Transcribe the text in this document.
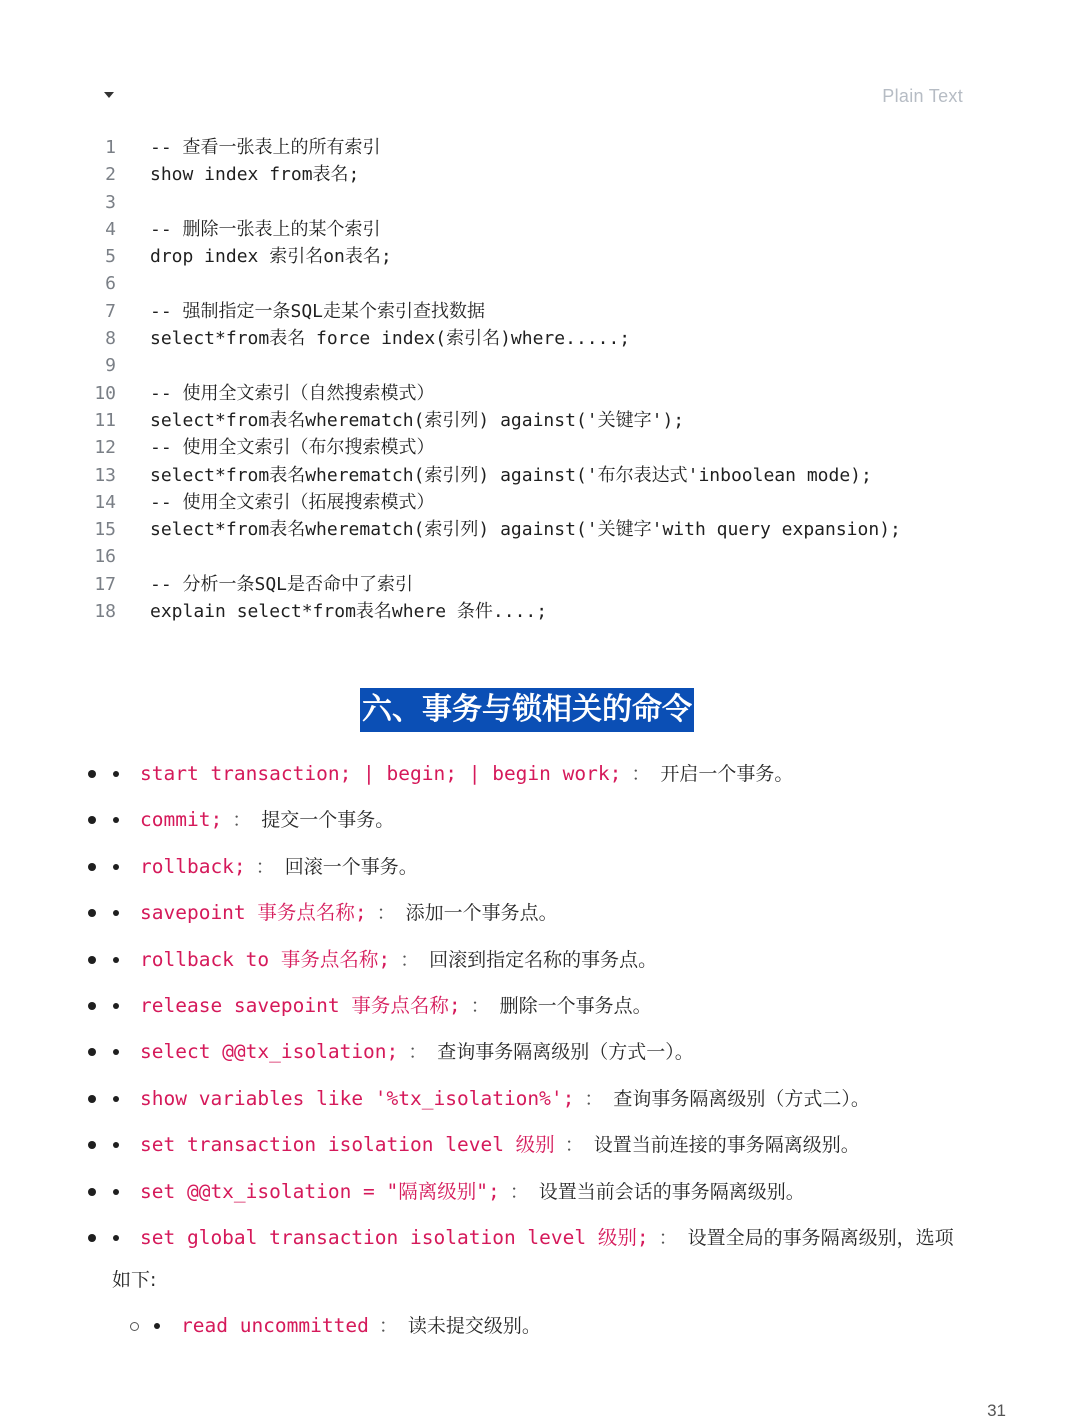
Plain Text
1 -- 查看一张表上的所有索引
2 show index from表名;
3
4 -- 删除一张表上的某个索引
5 drop index 索引名on表名;
6
7 -- 强制指定一条SQL走某个索引查找数据
8 select*from表名 force index(索引名)where.....;
9
10 -- 使用全文索引（自然搜索模式）
11 select*from表名wherematch(索引列) against('关键字');
12 -- 使用全文索引（布尔搜索模式）
13 select*from表名wherematch(索引列) against('布尔表达式'inboolean mode);
14 -- 使用全文索引（拓展搜索模式）
15 select*from表名wherematch(索引列) against('关键字'with query expansion);
16
17 -- 分析一条SQL是否命中了索引
18 explain select*from表名where 条件....;
六、事务与锁相关的命令
start transaction; | begin; | begin work; ： 开启一个事务。
commit; ： 提交一个事务。
rollback; ： 回滚一个事务。
savepoint 事务点名称; ： 添加一个事务点。
rollback to 事务点名称; ： 回滚到指定名称的事务点。
release savepoint 事务点名称; ： 删除一个事务点。
select @@tx_isolation; ： 查询事务隔离级别（方式一）。
show variables like '%tx_isolation%'; ： 查询事务隔离级别（方式二）。
set transaction isolation level 级别 ： 设置当前连接的事务隔离级别。
set @@tx_isolation = "隔离级别"; ： 设置当前会话的事务隔离级别。
set global transaction isolation level 级别; ： 设置全局的事务隔离级别，选项
如下:
read uncommitted ： 读未提交级别。
31
